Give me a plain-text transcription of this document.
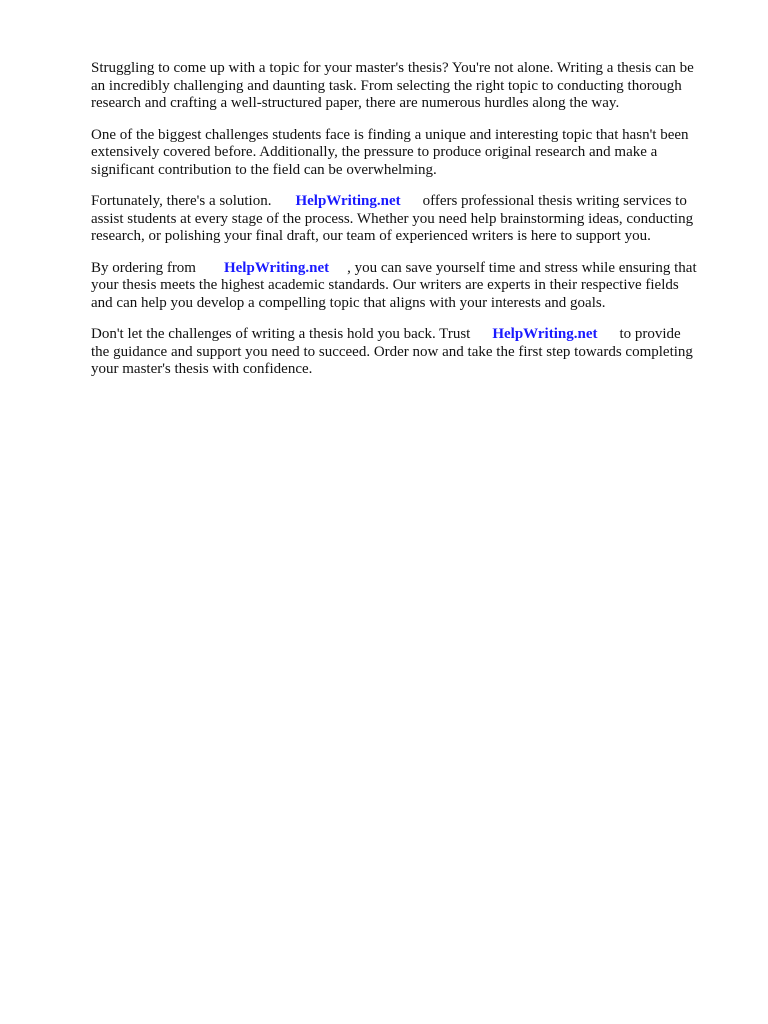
Struggling to come up with a topic for your master's thesis? You're not alone. Writing a thesis can be
an incredibly challenging and daunting task. From selecting the right topic to conducting thorough
research and crafting a well-structured paper, there are numerous hurdles along the way.

One of the biggest challenges students face is finding a unique and interesting topic that hasn't been
extensively covered before. Additionally, the pressure to produce original research and make a
significant contribution to the field can be overwhelming.

Fortunately, there's a solution. HelpWriting.net offers professional thesis writing services to
assist students at every stage of the process. Whether you need help brainstorming ideas, conducting
research, or polishing your final draft, our team of experienced writers is here to support you.

By ordering from HelpWriting.net , you can save yourself time and stress while ensuring that
your thesis meets the highest academic standards. Our writers are experts in their respective fields
and can help you develop a compelling topic that aligns with your interests and goals.

Don't let the challenges of writing a thesis hold you back. Trust HelpWriting.net to provide
the guidance and support you need to succeed. Order now and take the first step towards completing
your master's thesis with confidence.
